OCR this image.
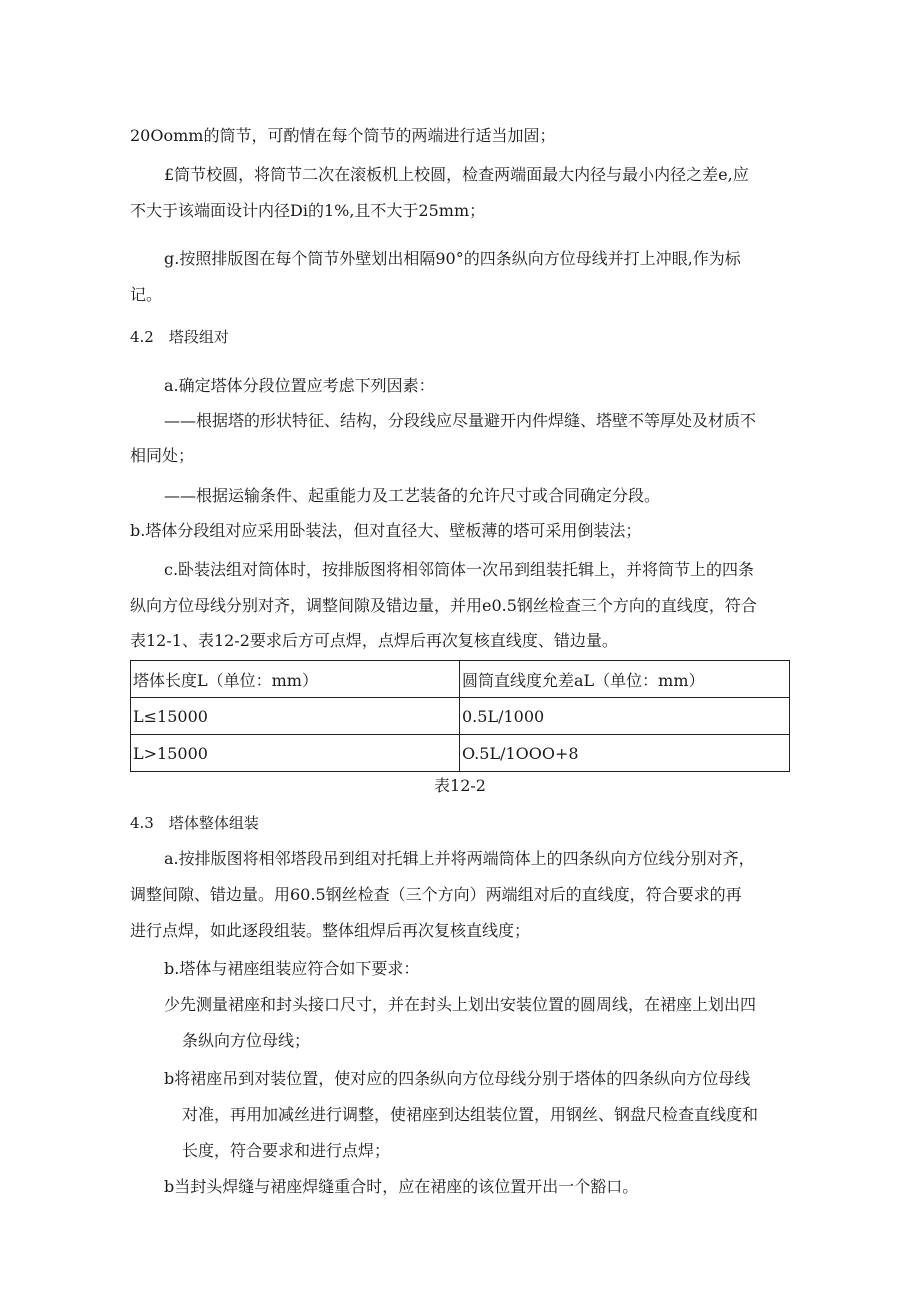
20Oomm的筒节，可酌情在每个筒节的两端进行适当加固；

£筒节校圆，将筒节二次在滚板机上校圆，检查两端面最大内径与最小内径之差e,应

不大于该端面设计内径Di的1%,且不大于25mm；

g.按照排版图在每个筒节外壁划出相隔90°的四条纵向方位母线并打上冲眼,作为标

记。

4.2　塔段组对

a.确定塔体分段位置应考虑下列因素：

——根据塔的形状特征、结构，分段线应尽量避开内件焊缝、塔壁不等厚处及材质不

相同处；

——根据运输条件、起重能力及工艺装备的允许尺寸或合同确定分段。

b.塔体分段组对应采用卧装法，但对直径大、壁板薄的塔可采用倒装法；

c.卧装法组对筒体时，按排版图将相邻筒体一次吊到组装托辑上，并将筒节上的四条

纵向方位母线分别对齐，调整间隙及错边量，并用e0.5钢丝检查三个方向的直线度，符合

表12-1、表12-2要求后方可点焊，点焊后再次复核直线度、错边量。

塔体长度L（单位：mm）	圆筒直线度允差aL（单位：mm）
L≤15000	0.5L/1000
L>15000	O.5L/1OOO+8
表12-2

4.3　塔体整体组装

a.按排版图将相邻塔段吊到组对托辑上并将两端筒体上的四条纵向方位线分别对齐，

调整间隙、错边量。用60.5钢丝检查（三个方向）两端组对后的直线度，符合要求的再

进行点焊，如此逐段组装。整体组焊后再次复核直线度；

b.塔体与裙座组装应符合如下要求：

少先测量裙座和封头接口尺寸，并在封头上划出安装位置的圆周线，在裙座上划出四

条纵向方位母线；

b将裙座吊到对装位置，使对应的四条纵向方位母线分别于塔体的四条纵向方位母线

对准，再用加减丝进行调整，使裙座到达组装位置，用钢丝、钢盘尺检查直线度和

长度，符合要求和进行点焊；

b当封头焊缝与裙座焊缝重合时，应在裙座的该位置开出一个豁口。
